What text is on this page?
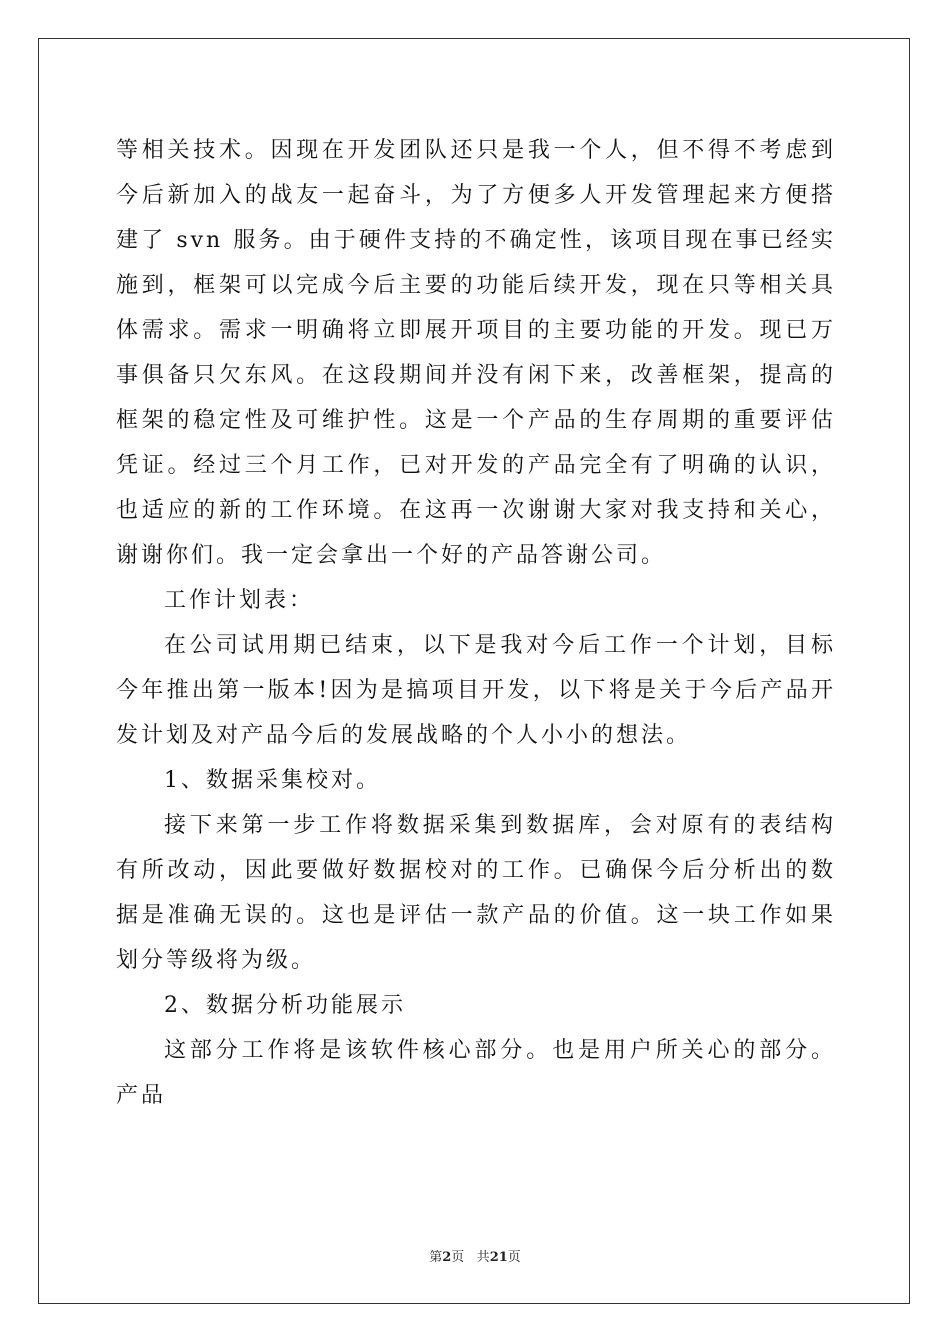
等相关技术。因现在开发团队还只是我一个人，但不得不考虑到今后新加入的战友一起奋斗，为了方便多人开发管理起来方便搭建了 svn 服务。由于硬件支持的不确定性，该项目现在事已经实施到，框架可以完成今后主要的功能后续开发，现在只等相关具体需求。需求一明确将立即展开项目的主要功能的开发。现已万事俱备只欠东风。在这段期间并没有闲下来，改善框架，提高的框架的稳定性及可维护性。这是一个产品的生存周期的重要评估凭证。经过三个月工作，已对开发的产品完全有了明确的认识，也适应的新的工作环境。在这再一次谢谢大家对我支持和关心，谢谢你们。我一定会拿出一个好的产品答谢公司。

工作计划表：

在公司试用期已结束，以下是我对今后工作一个计划，目标今年推出第一版本!因为是搞项目开发，以下将是关于今后产品开发计划及对产品今后的发展战略的个人小小的想法。

1、数据采集校对。

接下来第一步工作将数据采集到数据库，会对原有的表结构有所改动，因此要做好数据校对的工作。已确保今后分析出的数据是准确无误的。这也是评估一款产品的价值。这一块工作如果划分等级将为级。

2、数据分析功能展示

这部分工作将是该软件核心部分。也是用户所关心的部分。产品

第2页 共21页
